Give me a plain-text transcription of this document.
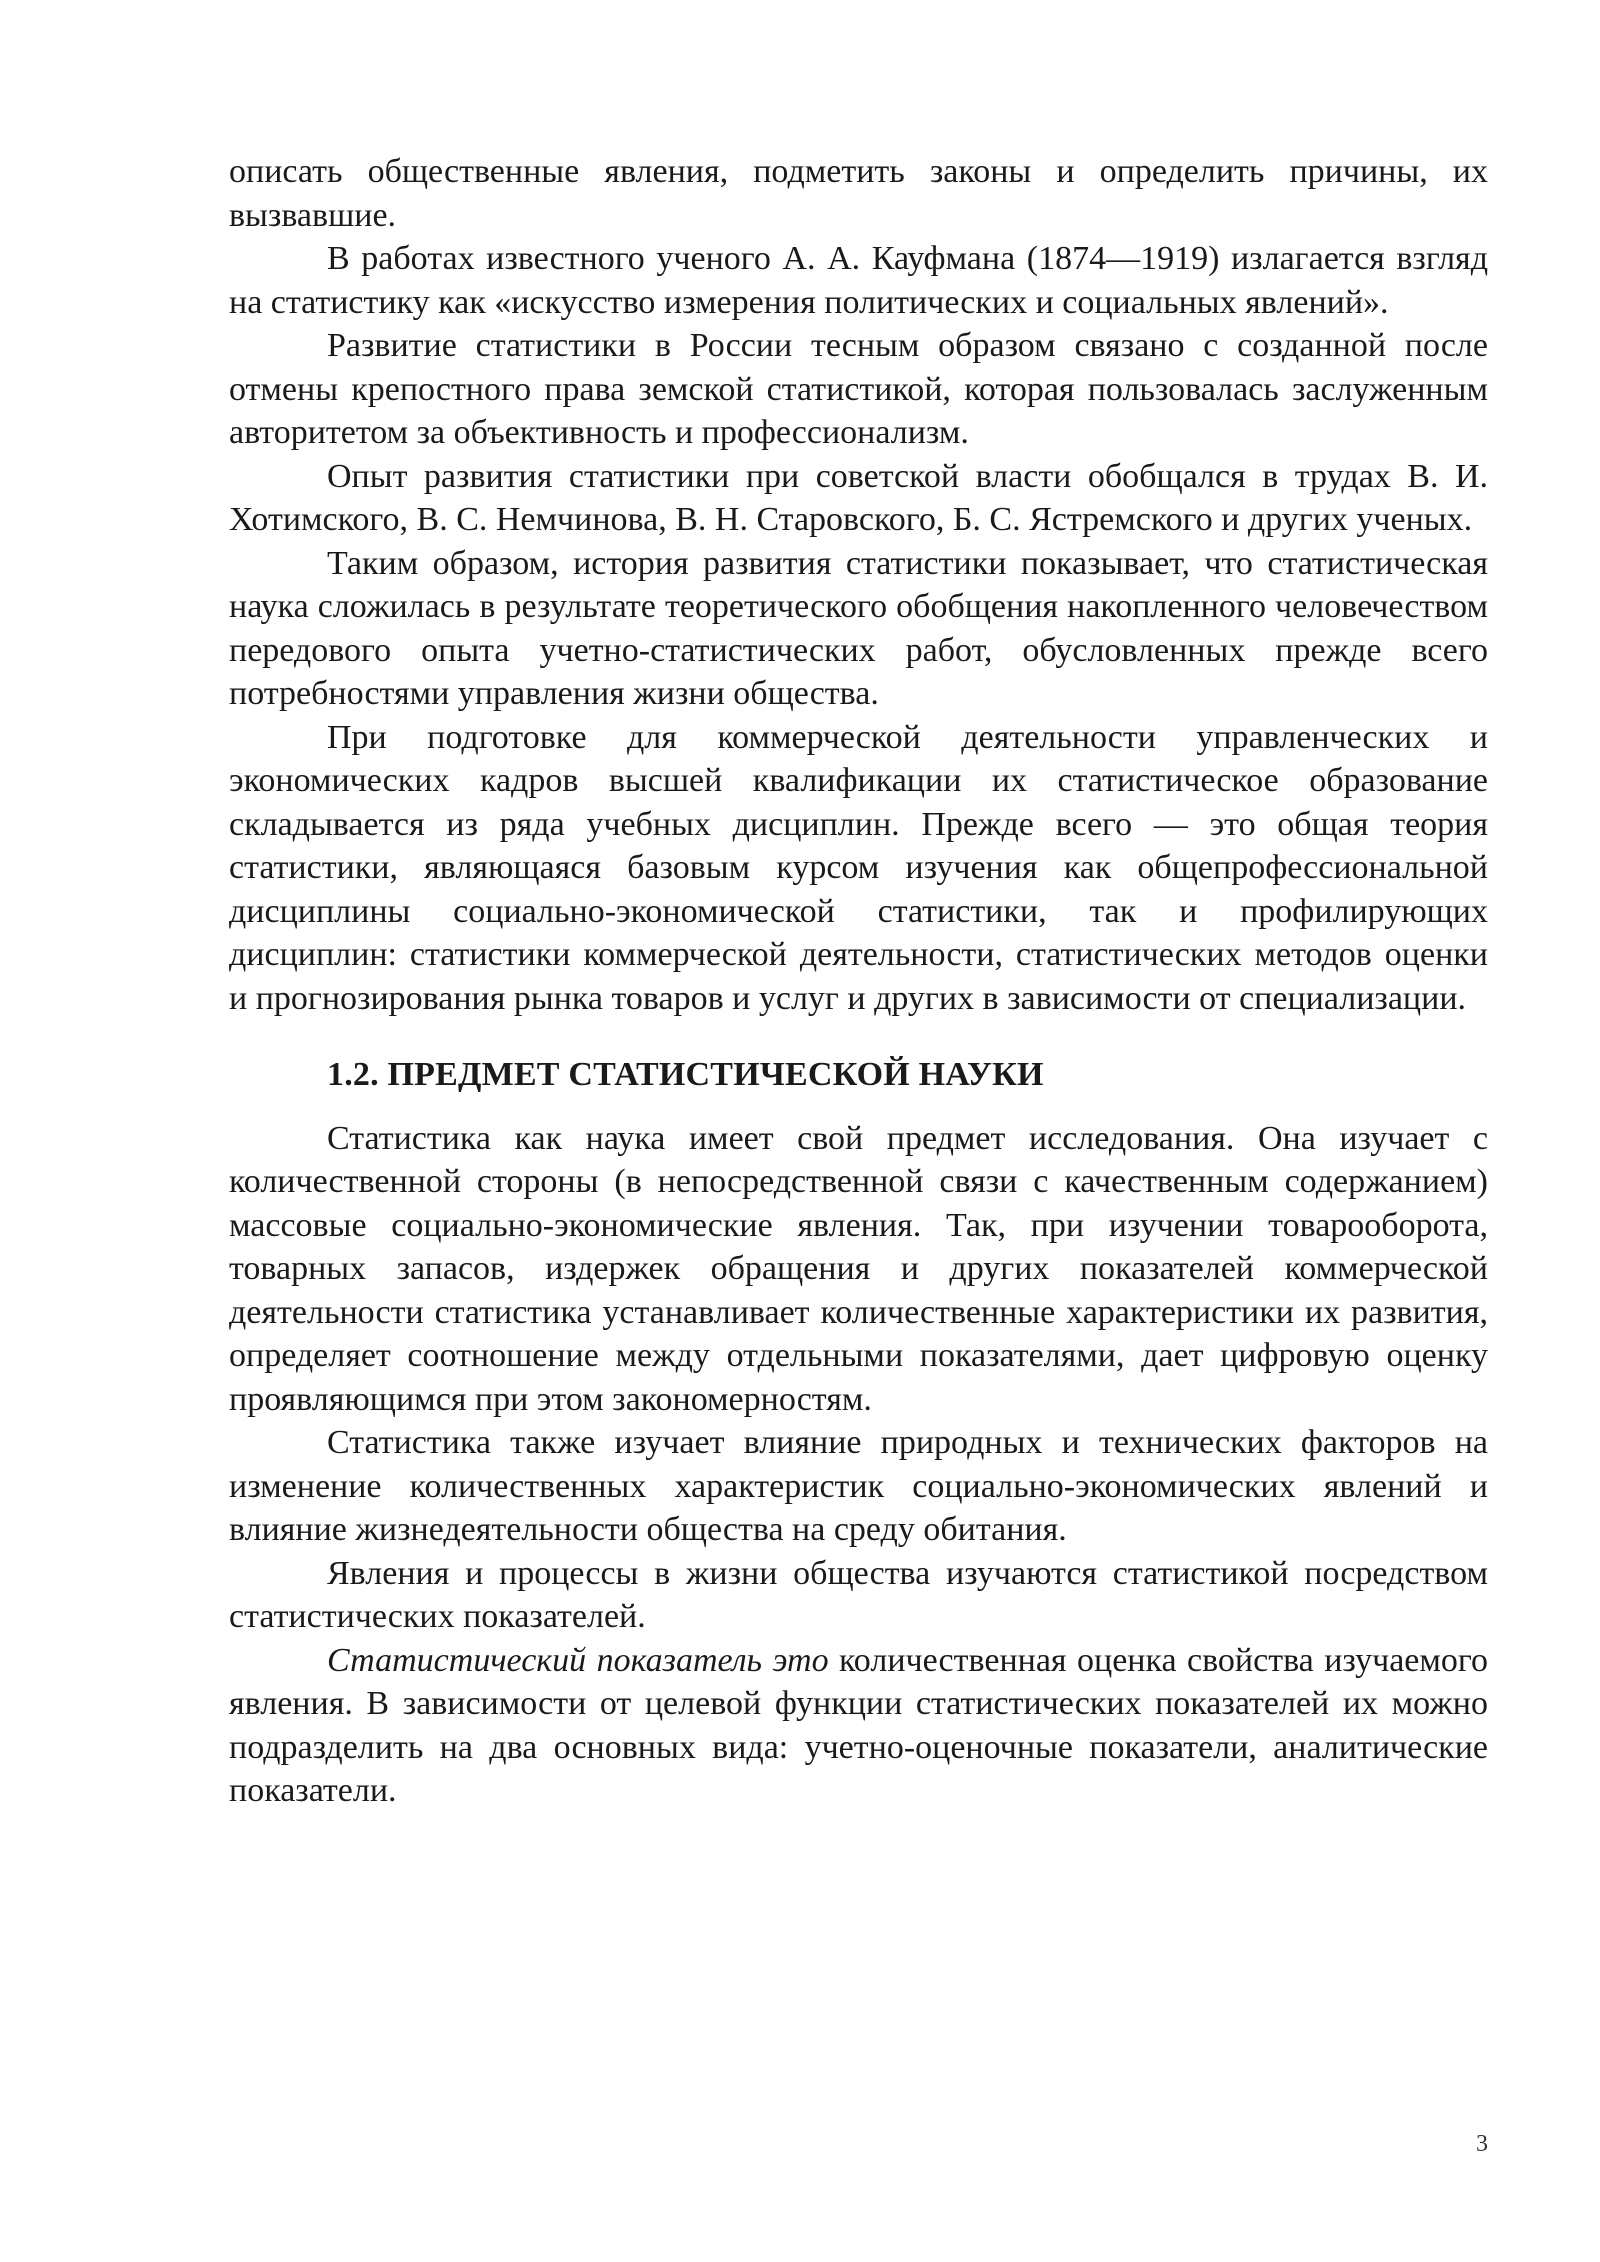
описать общественные явления, подметить законы и определить причины, их вызвавшие.

В работах известного ученого А. А. Кауфмана (1874—1919) излагается взгляд на статистику как «искусство измерения политических и социальных явлений».

Развитие статистики в России тесным образом связано с созданной после отмены крепостного права земской статистикой, которая пользовалась заслуженным авторитетом за объективность и профессионализм.

Опыт развития статистики при советской власти обобщался в трудах В. И. Хотимского, В. С. Немчинова, В. Н. Старовского, Б. С. Ястремского и других ученых.

Таким образом, история развития статистики показывает, что статистическая наука сложилась в результате теоретического обобщения накопленного человечеством передового опыта учетно-статистических работ, обусловленных прежде всего потребностями управления жизни общества.

При подготовке для коммерческой деятельности управленческих и экономических кадров высшей квалификации их статистическое образование складывается из ряда учебных дисциплин. Прежде всего — это общая теория статистики, являющаяся базовым курсом изучения как общепрофессиональной дисциплины социально-экономической статистики, так и профилирующих дисциплин: статистики коммерческой деятельности, статистических методов оценки и прогнозирования рынка товаров и услуг и других в зависимости от специализации.

1.2. ПРЕДМЕТ СТАТИСТИЧЕСКОЙ НАУКИ

Статистика как наука имеет свой предмет исследования. Она изучает с количественной стороны (в непосредственной связи с качественным содержанием) массовые социально-экономические явления. Так, при изучении товарооборота, товарных запасов, издержек обращения и других показателей коммерческой деятельности статистика устанавливает количественные характеристики их развития, определяет соотношение между отдельными показателями, дает цифровую оценку проявляющимся при этом закономерностям.

Статистика также изучает влияние природных и технических факторов на изменение количественных характеристик социально-экономических явлений и влияние жизнедеятельности общества на среду обитания.

Явления и процессы в жизни общества изучаются статистикой посредством статистических показателей.

Статистический показатель это количественная оценка свойства изучаемого явления. В зависимости от целевой функции статистических показателей их можно подразделить на два основных вида: учетно-оценочные показатели, аналитические показатели.

3
